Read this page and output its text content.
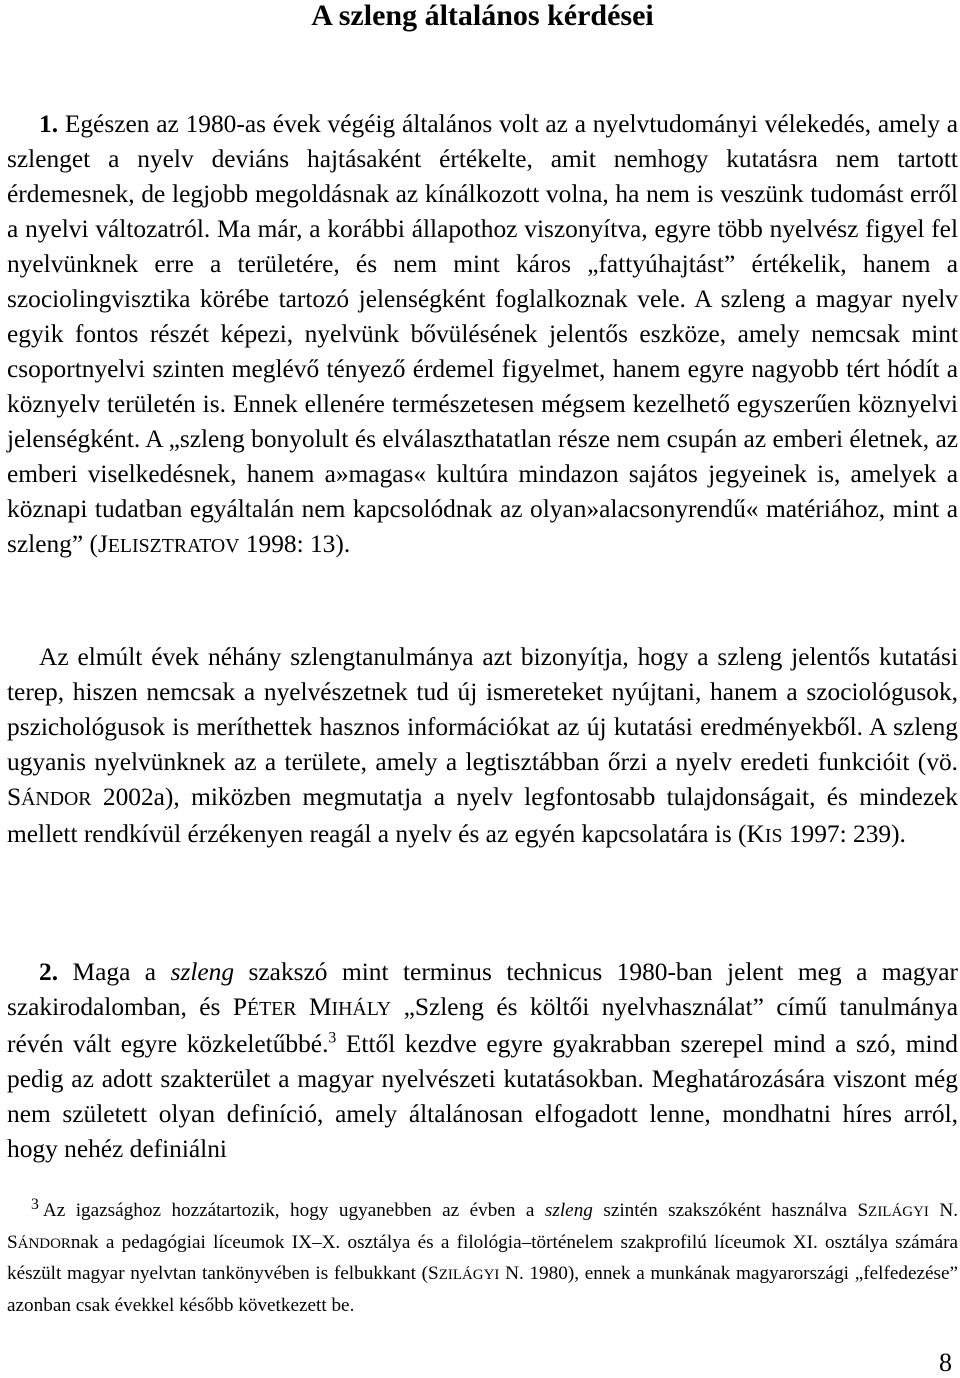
A szleng általános kérdései

1. Egészen az 1980-as évek végéig általános volt az a nyelvtudományi vélekedés, amely a szlenget a nyelv deviáns hajtásaként értékelte, amit nemhogy kutatásra nem tartott érdemesnek, de legjobb megoldásnak az kínálkozott volna, ha nem is veszünk tudomást erről a nyelvi változatról. Ma már, a korábbi állapothoz viszonyítva, egyre több nyelvész figyel fel nyelvünknek erre a területére, és nem mint káros „fattyúhajtást” értékelik, hanem a szociolingvisztika körébe tartozó jelenségként foglalkoznak vele. A szleng a magyar nyelv egyik fontos részét képezi, nyelvünk bővülésének jelentős eszköze, amely nemcsak mint csoportnyelvi szinten meglévő tényező érdemel figyelmet, hanem egyre nagyobb tért hódít a köznyelv területén is. Ennek ellenére természetesen mégsem kezelhető egyszerűen köznyelvi jelenségként. A „szleng bonyolult és elválaszthatatlan része nem csupán az emberi életnek, az emberi viselkedésnek, hanem a»magas« kultúra mindazon sajátos jegyeinek is, amelyek a köznapi tudatban egyáltalán nem kapcsolódnak az olyan»alacsonyrendű« matériához, mint a szleng” (JELISZTRATOV 1998: 13).

Az elmúlt évek néhány szlengtanulmánya azt bizonyítja, hogy a szleng jelentős kutatási terep, hiszen nemcsak a nyelvészetnek tud új ismereteket nyújtani, hanem a szociológusok, pszichológusok is meríthettek hasznos információkat az új kutatási eredményekből. A szleng ugyanis nyelvünknek az a területe, amely a legtisztábban őrzi a nyelv eredeti funkcióit (vö. SÁNDOR 2002a), miközben megmutatja a nyelv legfontosabb tulajdonságait, és mindezek mellett rendkívül érzékenyen reagál a nyelv és az egyén kapcsolatára is (KIS 1997: 239).

2. Maga a szleng szakszó mint terminus technicus 1980-ban jelent meg a magyar szakirodalomban, és PÉTER MIHÁLY „Szleng és költői nyelvhasználat” című tanulmánya révén vált egyre közkeletűbbé.$^3$ Ettől kezdve egyre gyakrabban szerepel mind a szó, mind pedig az adott szakterület a magyar nyelvészeti kutatásokban. Meghatározására viszont még nem született olyan definíció, amely általánosan elfogadott lenne, mondhatni híres arról, hogy nehéz definiálni

$^3$ Az igazsághoz hozzátartozik, hogy ugyanebben az évben a szleng szintén szakszóként használva SZILÁGYI N. SÁNDORnak a pedagógiai líceumok IX–X. osztálya és a filológia–történelem szakprofilú líceumok XI. osztálya számára készült magyar nyelvtan tankönyvében is felbukkant (SZILÁGYI N. 1980), ennek a munkának magyarországi „felfedezése” azonban csak évekkel később következett be.

8
